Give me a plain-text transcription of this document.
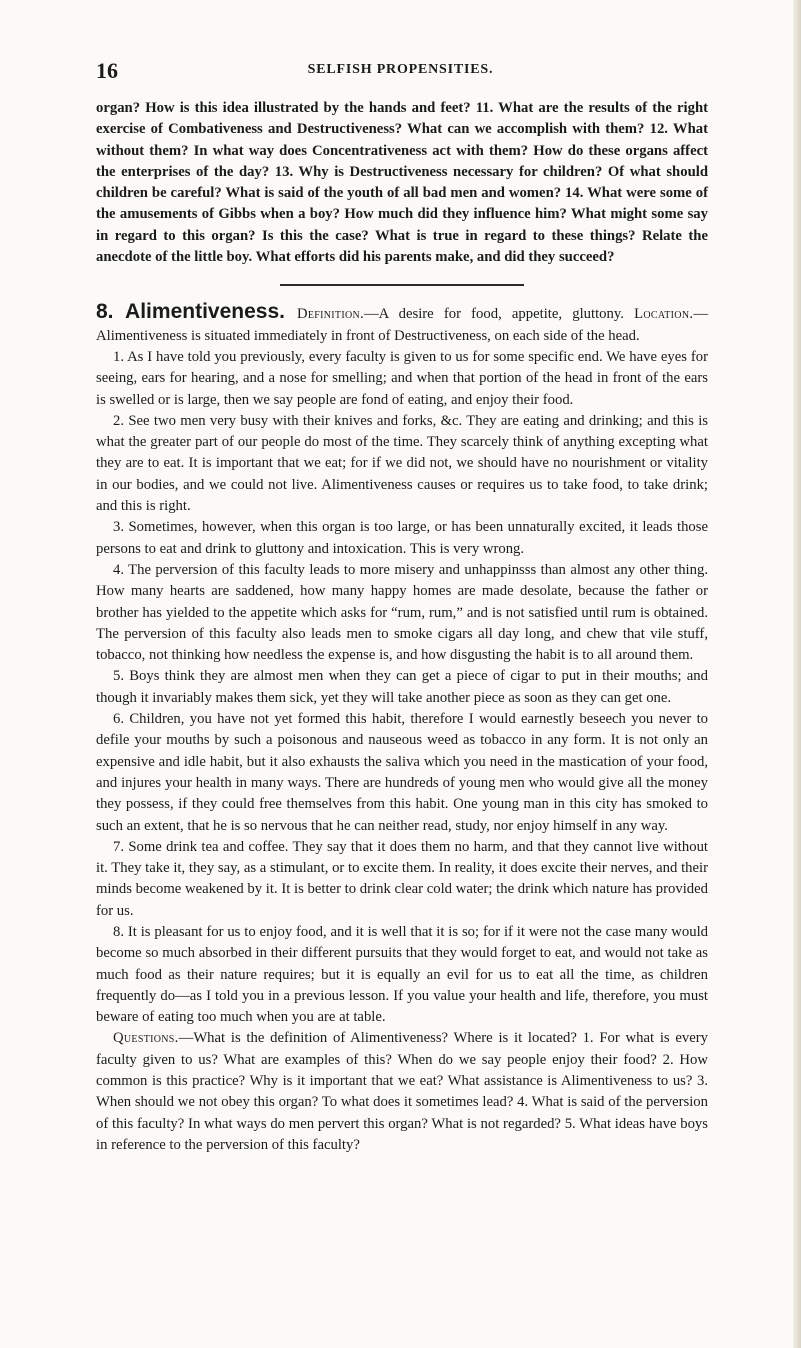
16	SELFISH PROPENSITIES.

organ? How is this idea illustrated by the hands and feet? 11. What are the results of the right exercise of Combativeness and Destructiveness? What can we accomplish with them? 12. What without them? In what way does Concentrativeness act with them? How do these organs affect the enterprises of the day? 13. Why is Destructiveness necessary for children? Of what should children be careful? What is said of the youth of all bad men and women? 14. What were some of the amusements of Gibbs when a boy? How much did they influence him? What might some say in regard to this organ? Is this the case? What is true in regard to these things? Relate the anecdote of the little boy. What efforts did his parents make, and did they succeed?

8. Alimentiveness. Definition.—A desire for food, appetite, gluttony. Location.—Alimentiveness is situated immediately in front of Destructiveness, on each side of the head.

1. As I have told you previously, every faculty is given to us for some specific end. We have eyes for seeing, ears for hearing, and a nose for smelling; and when that portion of the head in front of the ears is swelled or is large, then we say people are fond of eating, and enjoy their food.

2. See two men very busy with their knives and forks, &c. They are eating and drinking; and this is what the greater part of our people do most of the time. They scarcely think of anything excepting what they are to eat. It is important that we eat; for if we did not, we should have no nourishment or vitality in our bodies, and we could not live. Alimentiveness causes or requires us to take food, to take drink; and this is right.

3. Sometimes, however, when this organ is too large, or has been unnaturally excited, it leads those persons to eat and drink to gluttony and intoxication. This is very wrong.

4. The perversion of this faculty leads to more misery and unhappinsss than almost any other thing. How many hearts are saddened, how many happy homes are made desolate, because the father or brother has yielded to the appetite which asks for “rum, rum,” and is not satisfied until rum is obtained. The perversion of this faculty also leads men to smoke cigars all day long, and chew that vile stuff, tobacco, not thinking how needless the expense is, and how disgusting the habit is to all around them.

5. Boys think they are almost men when they can get a piece of cigar to put in their mouths; and though it invariably makes them sick, yet they will take another piece as soon as they can get one.

6. Children, you have not yet formed this habit, therefore I would earnestly beseech you never to defile your mouths by such a poisonous and nauseous weed as tobacco in any form. It is not only an expensive and idle habit, but it also exhausts the saliva which you need in the mastication of your food, and injures your health in many ways. There are hundreds of young men who would give all the money they possess, if they could free themselves from this habit. One young man in this city has smoked to such an extent, that he is so nervous that he can neither read, study, nor enjoy himself in any way.

7. Some drink tea and coffee. They say that it does them no harm, and that they cannot live without it. They take it, they say, as a stimulant, or to excite them. In reality, it does excite their nerves, and their minds become weakened by it. It is better to drink clear cold water; the drink which nature has provided for us.

8. It is pleasant for us to enjoy food, and it is well that it is so; for if it were not the case many would become so much absorbed in their different pursuits that they would forget to eat, and would not take as much food as their nature requires; but it is equally an evil for us to eat all the time, as children frequently do—as I told you in a previous lesson. If you value your health and life, therefore, you must beware of eating too much when you are at table.

Questions.—What is the definition of Alimentiveness? Where is it located? 1. For what is every faculty given to us? What are examples of this? When do we say people enjoy their food? 2. How common is this practice? Why is it important that we eat? What assistance is Alimentiveness to us? 3. When should we not obey this organ? To what does it sometimes lead? 4. What is said of the perversion of this faculty? In what ways do men pervert this organ? What is not regarded? 5. What ideas have boys in reference to the perversion of this faculty?
